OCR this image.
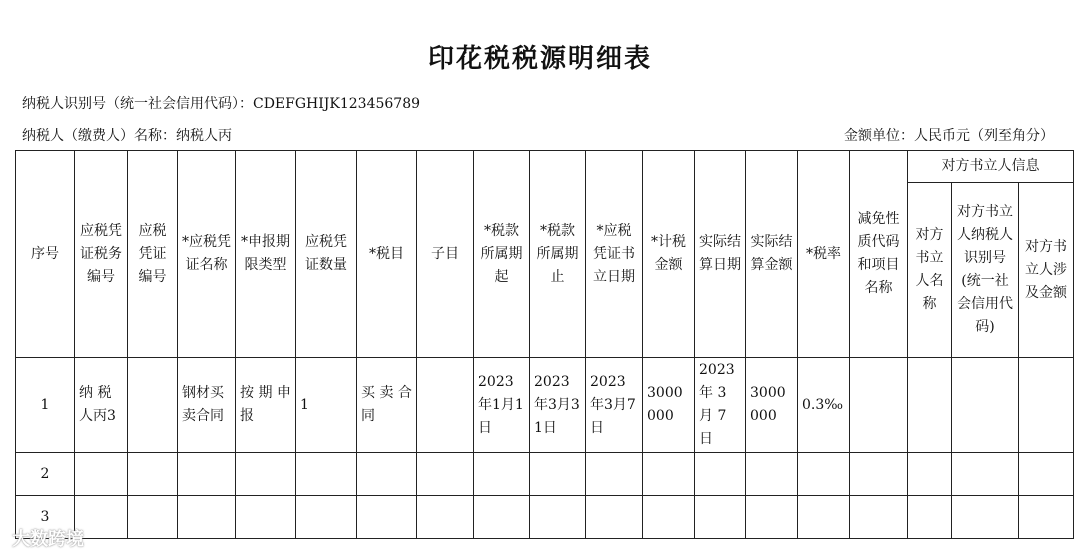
印花税税源明细表
纳税人识别号（统一社会信用代码）：CDEFGHIJK123456789
纳税人（缴费人）名称：纳税人丙	金额单位：人民币元（列至角分）
序号	应税凭证税务编号	应税凭证编号	*应税凭证名称	*申报期限类型	应税凭证数量	*税目	子目	*税款所属期起	*税款所属期止	*应税凭证书立日期	*计税金额	实际结算日期	实际结算金额	*税率	减免性质代码和项目名称	对方书立人信息		
																对方书立人名称	对方书立人纳税人识别号(统一社会信用代码)	对方书立人涉及金额
1	纳 税 人丙3		钢材买卖合同	按 期 申报	1	买 卖 合同		2023年1月1日	2023年3月31日	2023年3月7日	3000000	2023年 3 月 7 日	3000000	0.3‰				
2																		
3																		
大数跨境
